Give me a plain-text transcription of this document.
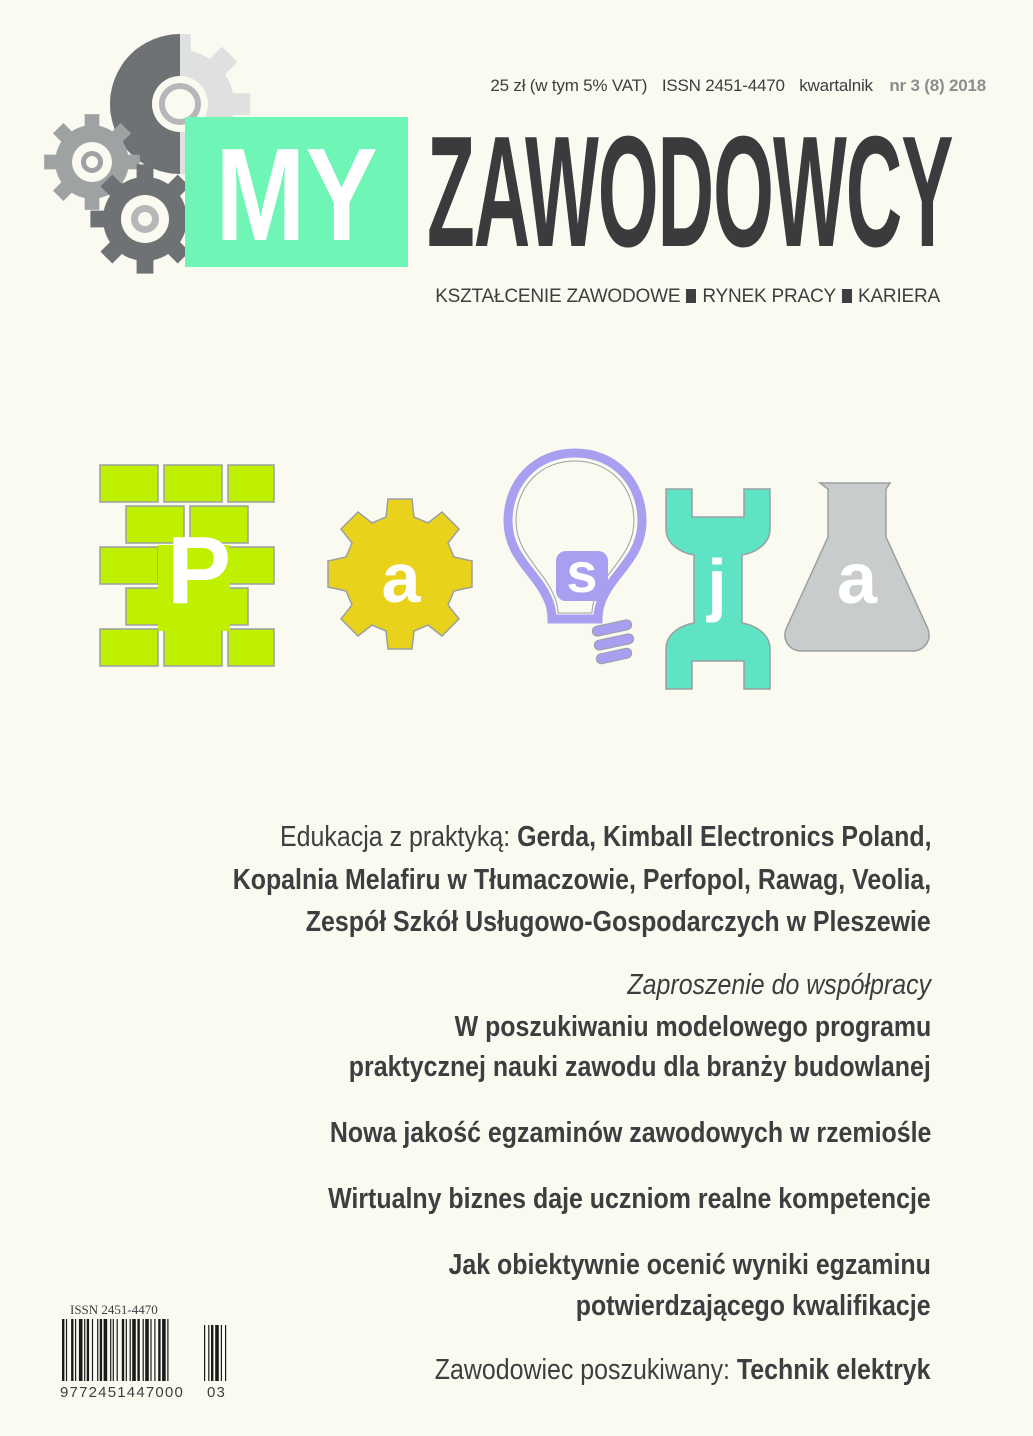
25 zł (w tym 5% VAT) ISSN 2451-4470 kwartalnik nr 3 (8) 2018
MY ZAWODOWCY
KSZTAŁCENIE ZAWODOWE RYNEK PRACY KARIERA
P a	s j a
Edukacja z praktyką: Gerda, Kimball Electronics Poland,
Kopalnia Melafiru w Tłumaczowie, Perfopol, Rawag, Veolia,
Zespół Szkół Usługowo-Gospodarczych w Pleszewie
Zaproszenie do współpracy
W poszukiwaniu modelowego programu
praktycznej nauki zawodu dla branży budowlanej
Nowa jakość egzaminów zawodowych w rzemiośle
Wirtualny biznes daje uczniom realne kompetencje
Jak obiektywnie ocenić wyniki egzaminu
potwierdzającego kwalifikacje
Zawodowiec poszukiwany: Technik elektryk
ISSN 2451-4470
9772451447000 03
